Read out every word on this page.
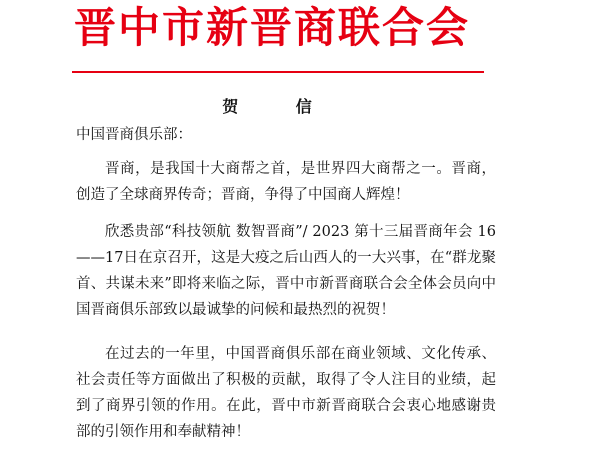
晋中市新晋商联合会
贺 信
中国晋商俱乐部：
晋商，是我国十大商帮之首，是世界四大商帮之一。晋商，创造了全球商界传奇；晋商，争得了中国商人辉煌！
欣悉贵部“科技领航 数智晋商”/ 2023 第十三届晋商年会 16——17日在京召开，这是大疫之后山西人的一大兴事，在“群龙聚首、共谋未来”即将来临之际，晋中市新晋商联合会全体会员向中国晋商俱乐部致以最诚挚的问候和最热烈的祝贺！
在过去的一年里，中国晋商俱乐部在商业领域、文化传承、社会责任等方面做出了积极的贡献，取得了令人注目的业绩，起到了商界引领的作用。在此，晋中市新晋商联合会衷心地感谢贵部的引领作用和奉献精神！
